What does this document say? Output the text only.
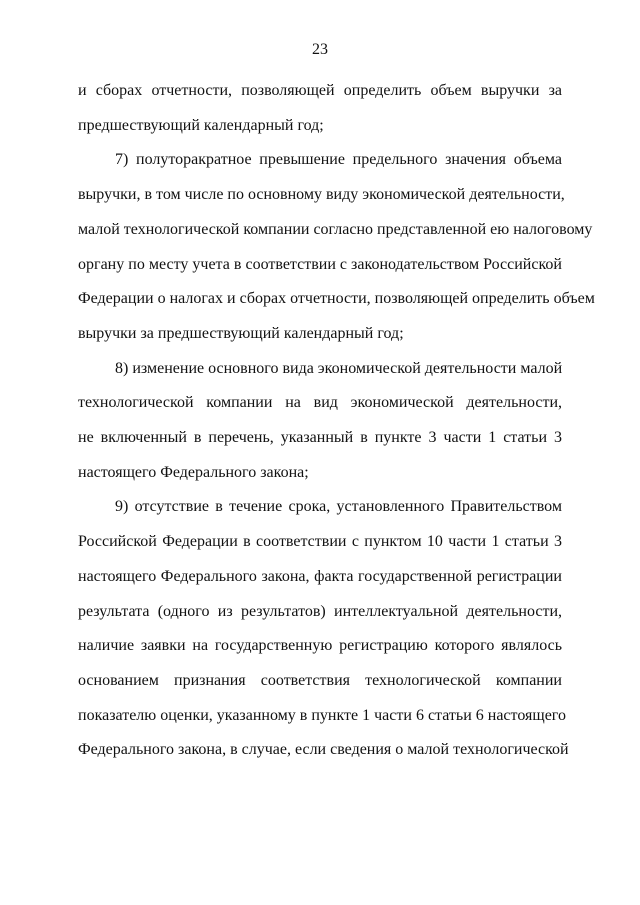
23

и сборах отчетности, позволяющей определить объем выручки за

предшествующий календарный год;

7) полуторакратное превышение предельного значения объема

выручки, в том числе по основному виду экономической деятельности,

малой технологической компании согласно представленной ею налоговому

органу по месту учета в соответствии с законодательством Российской

Федерации о налогах и сборах отчетности, позволяющей определить объем

выручки за предшествующий календарный год;

8) изменение основного вида экономической деятельности малой

технологической компании на вид экономической деятельности,

не включенный в перечень, указанный в пункте 3 части 1 статьи 3

настоящего Федерального закона;

9) отсутствие в течение срока, установленного Правительством

Российской Федерации в соответствии с пунктом 10 части 1 статьи 3

настоящего Федерального закона, факта государственной регистрации

результата (одного из результатов) интеллектуальной деятельности,

наличие заявки на государственную регистрацию которого являлось

основанием признания соответствия технологической компании

показателю оценки, указанному в пункте 1 части 6 статьи 6 настоящего

Федерального закона, в случае, если сведения о малой технологической
